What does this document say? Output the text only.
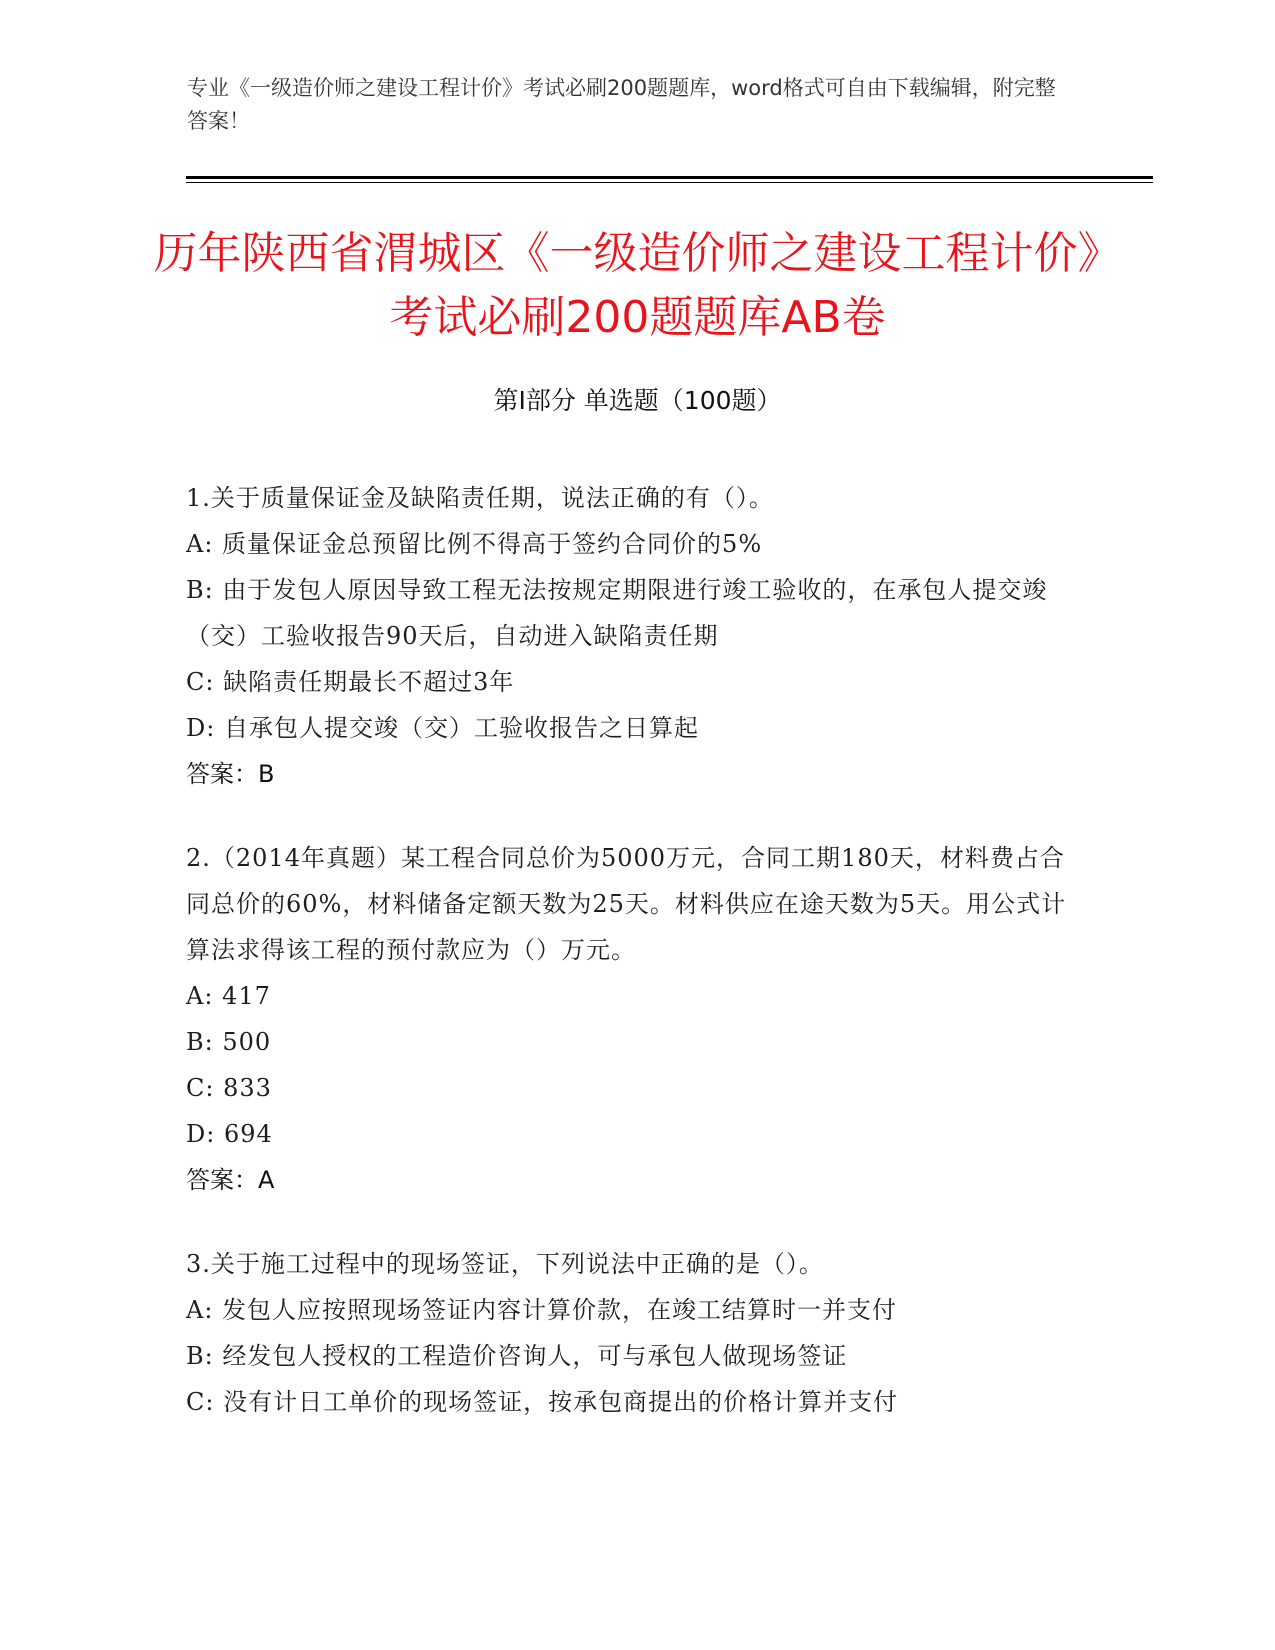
专业《一级造价师之建设工程计价》考试必刷200题题库，word格式可自由下载编辑，附完整答案！
历年陕西省渭城区《一级造价师之建设工程计价》考试必刷200题题库AB卷
第I部分 单选题（100题）
1.关于质量保证金及缺陷责任期，说法正确的有（）。
A: 质量保证金总预留比例不得高于签约合同价的5%
B: 由于发包人原因导致工程无法按规定期限进行竣工验收的，在承包人提交竣（交）工验收报告90天后，自动进入缺陷责任期
C: 缺陷责任期最长不超过3年
D: 自承包人提交竣（交）工验收报告之日算起
答案：B
2.（2014年真题）某工程合同总价为5000万元，合同工期180天，材料费占合同总价的60%，材料储备定额天数为25天。材料供应在途天数为5天。用公式计算法求得该工程的预付款应为（）万元。
A: 417
B: 500
C: 833
D: 694
答案：A
3.关于施工过程中的现场签证，下列说法中正确的是（）。
A: 发包人应按照现场签证内容计算价款，在竣工结算时一并支付
B: 经发包人授权的工程造价咨询人，可与承包人做现场签证
C: 没有计日工单价的现场签证，按承包商提出的价格计算并支付
